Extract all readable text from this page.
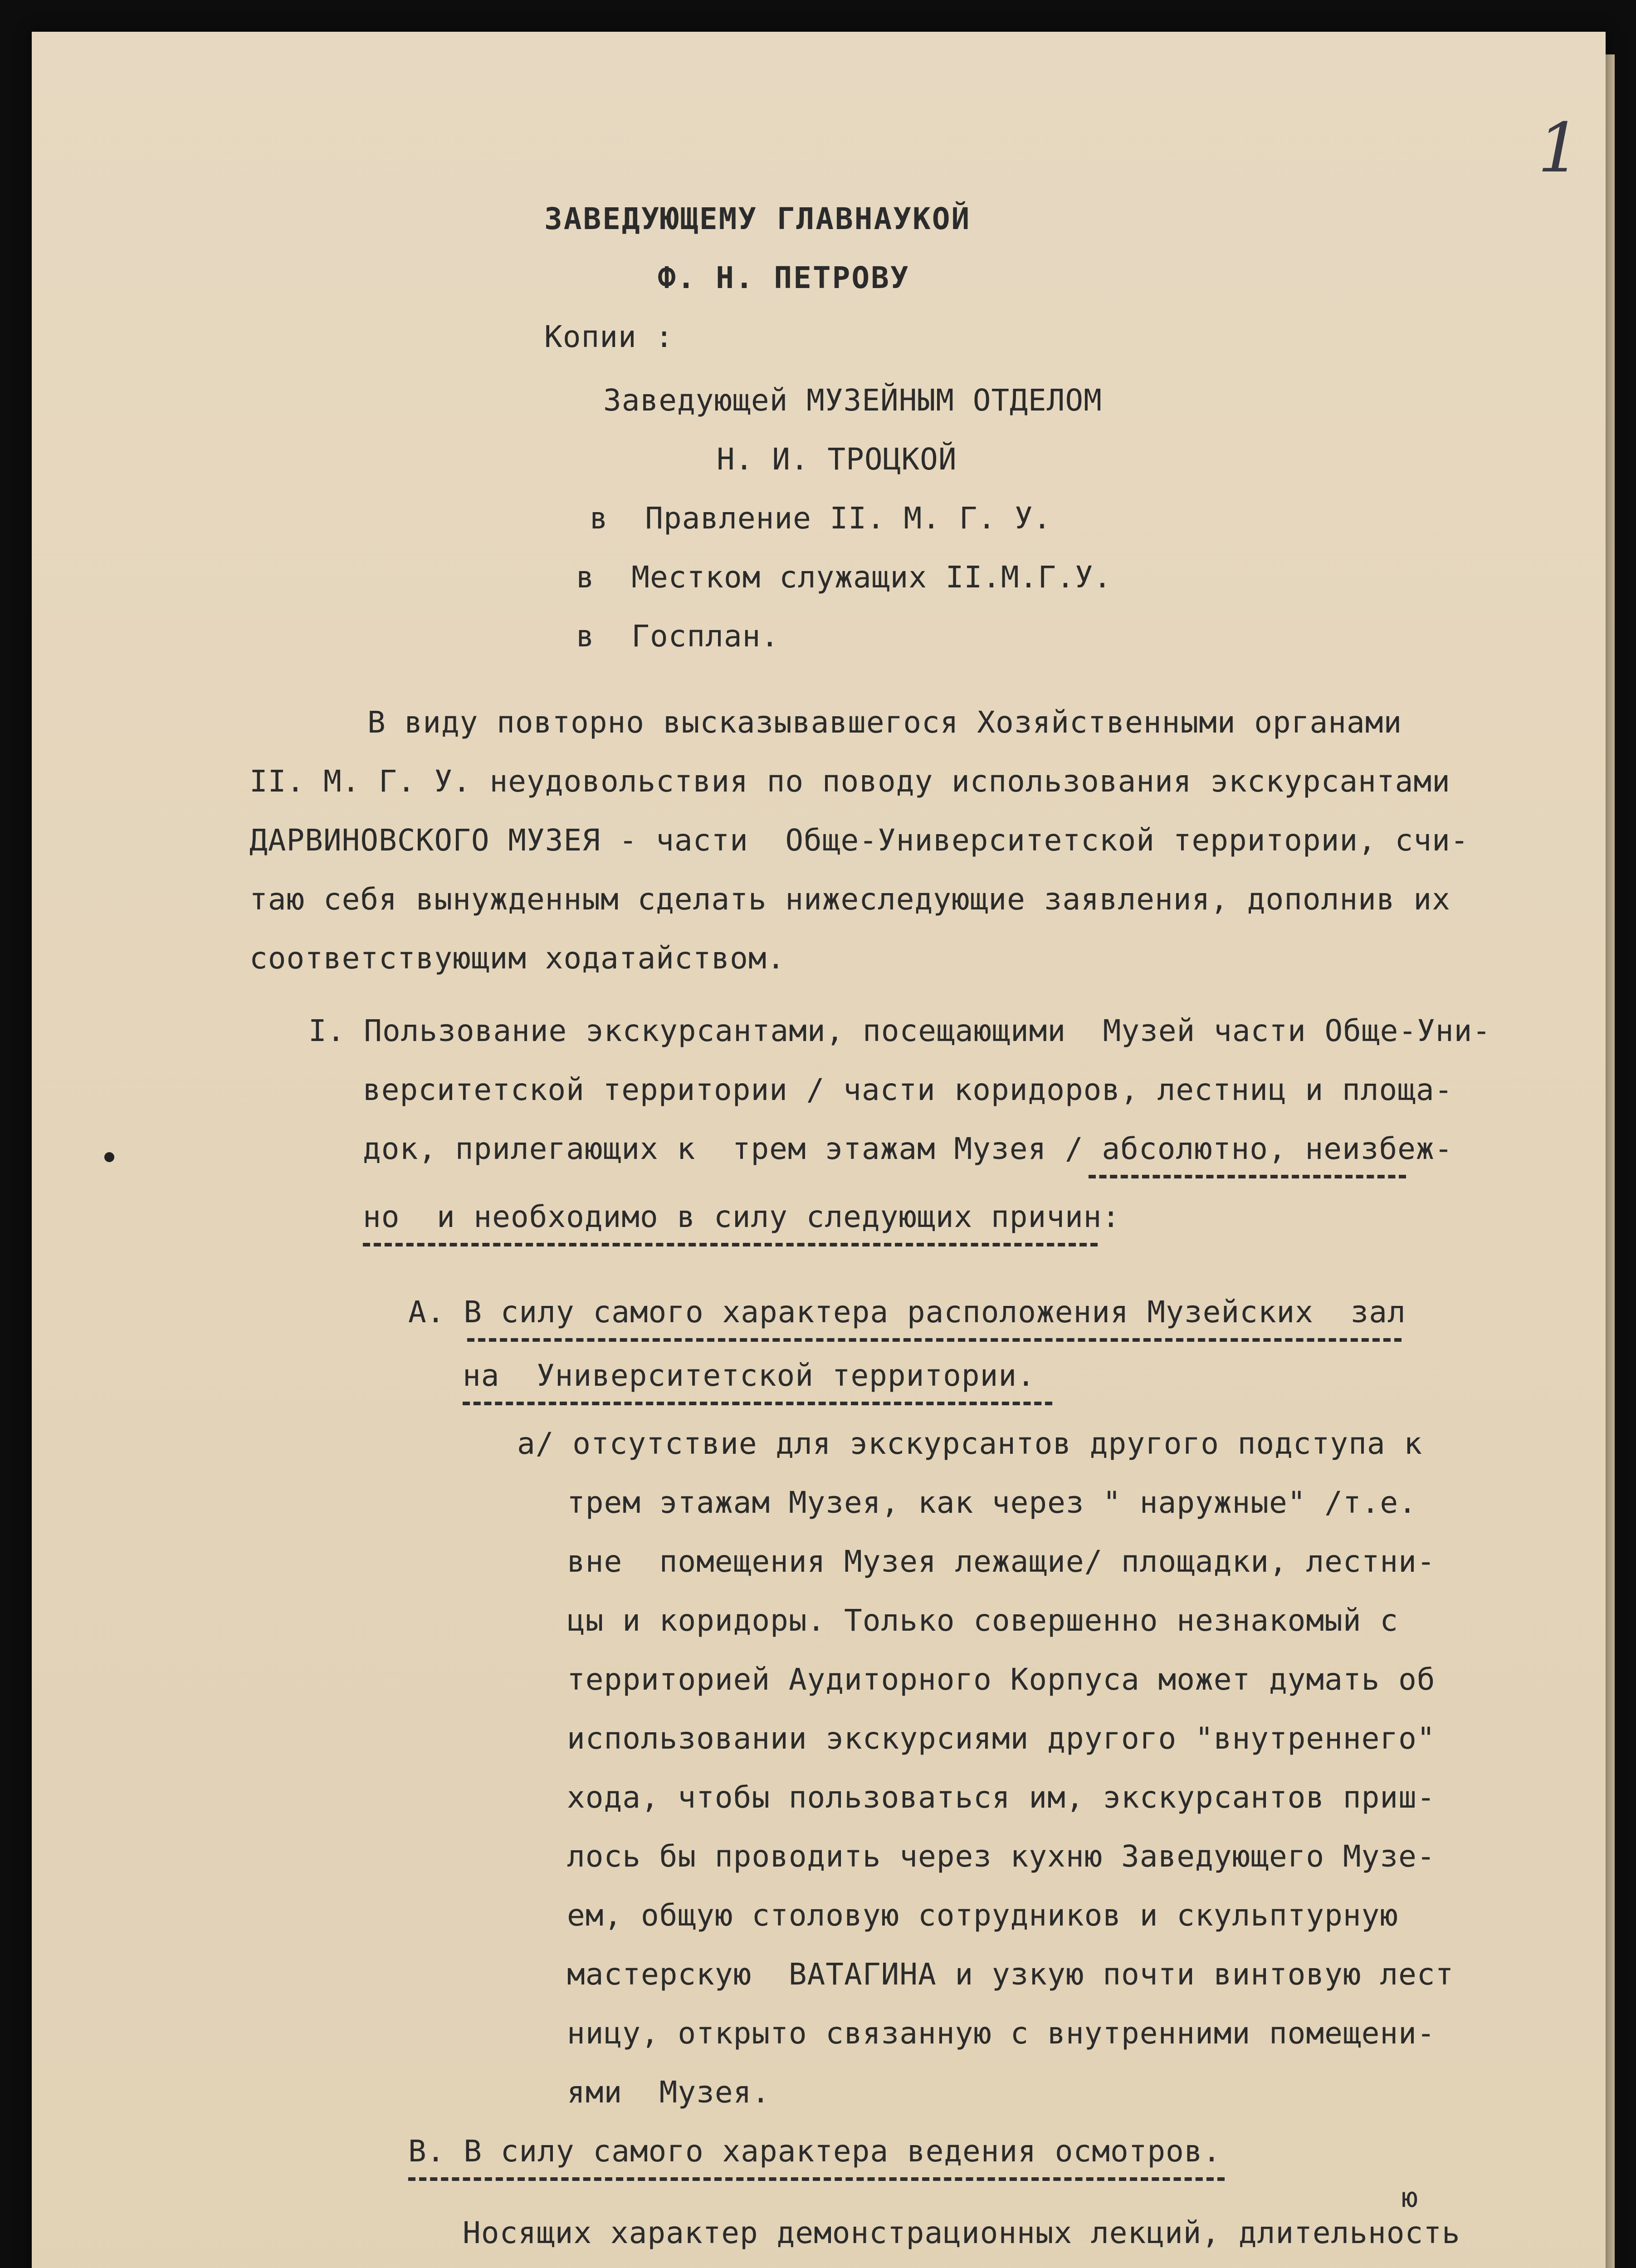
1
ЗАВЕДУЮЩЕМУ ГЛАВНАУКОЙ
Ф. Н. ПЕТРОВУ
Копии :
Заведующей МУЗЕЙНЫМ ОТДЕЛОМ
Н. И. ТРОЦКОЙ
в  Правление II. М. Г. У.
в  Местком служащих II.М.Г.У.
в  Госплан.
В виду повторно высказывавшегося Хозяйственными органами
II. М. Г. У. неудовольствия по поводу использования экскурсантами
ДАРВИНОВСКОГО МУЗЕЯ - части  Обще-Университетской территории, счи-
таю себя вынужденным сделать нижеследующие заявления, дополнив их
соответствующим ходатайством.
I. Пользование экскурсантами, посещающими  Музей части Обще-Уни-
верситетской территории / части коридоров, лестниц и площа-
док, прилегающих к  трем этажам Музея / абсолютно, неизбеж-
но  и необходимо в силу следующих причин:
А. В силу самого характера расположения Музейских  зал
на  Университетской территории.
а/ отсутствие для экскурсантов другого подступа к
трем этажам Музея, как через " наружные" /т.е.
вне  помещения Музея лежащие/ площадки, лестни-
цы и коридоры. Только совершенно незнакомый с
территорией Аудиторного Корпуса может думать об
использовании экскурсиями другого "внутреннего"
хода, чтобы пользоваться им, экскурсантов приш-
лось бы проводить через кухню Заведующего Музе-
ем, общую столовую сотрудников и скульптурную
мастерскую  ВАТАГИНА и узкую почти винтовую лест
ницу, открыто связанную с внутренними помещени-
ями  Музея.
В. В силу самого характера ведения осмотров.
ю
Носящих характер демонстрационных лекций, длительность
